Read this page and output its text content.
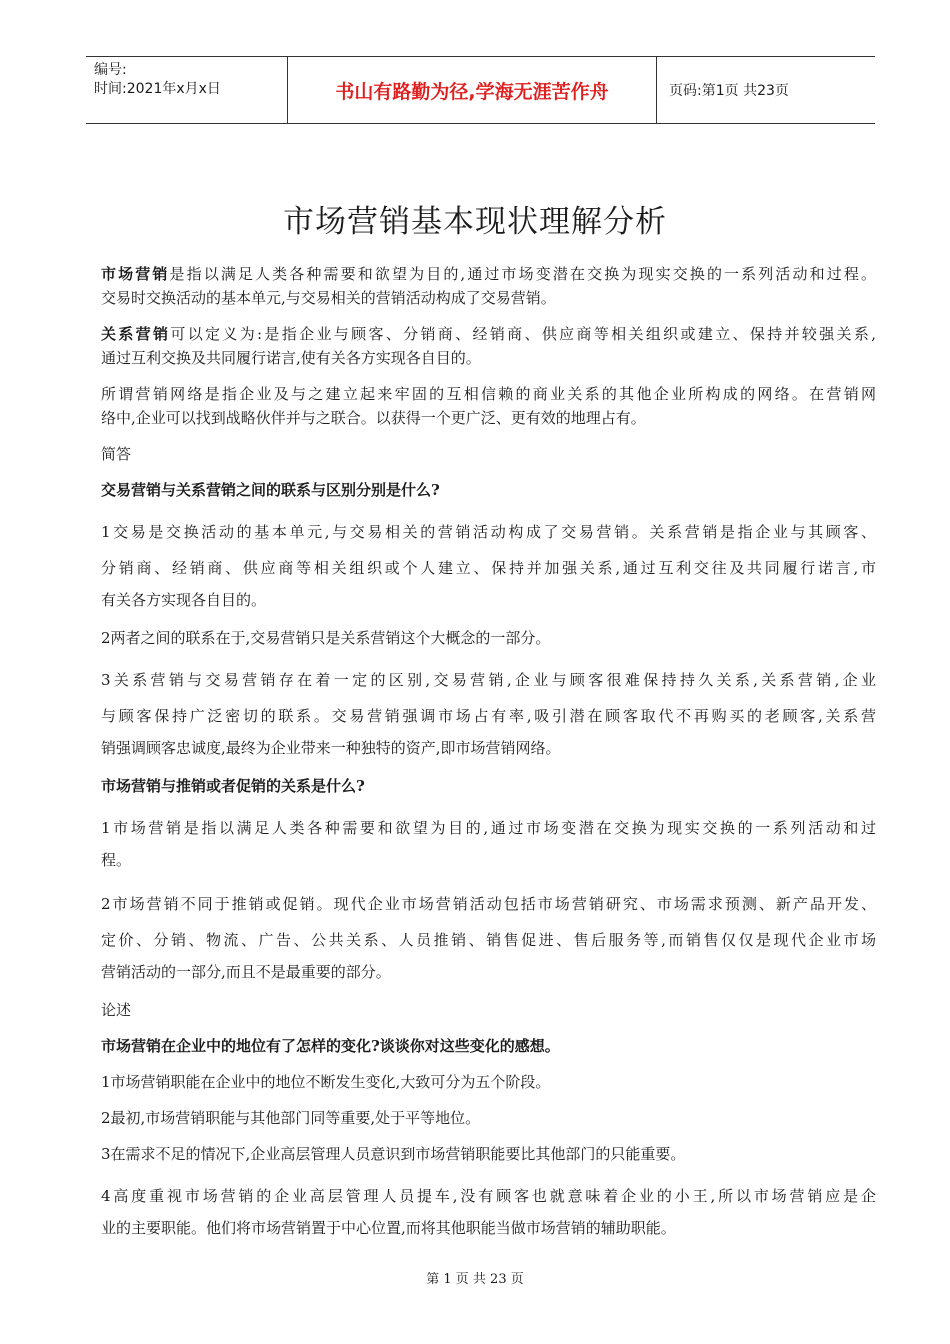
编号:
时间:2021年x月x日	书山有路勤为径,学海无涯苦作舟	页码:第1页 共23页
市场营销基本现状理解分析
市场营销是指以满足人类各种需要和欲望为目的,通过市场变潜在交换为现实交换的一系列活动和过程。
交易时交换活动的基本单元,与交易相关的营销活动构成了交易营销。
关系营销可以定义为:是指企业与顾客、分销商、经销商、供应商等相关组织或建立、保持并较强关系,
通过互利交换及共同履行诺言,使有关各方实现各自目的。
所谓营销网络是指企业及与之建立起来牢固的互相信赖的商业关系的其他企业所构成的网络。在营销网
络中,企业可以找到战略伙伴并与之联合。以获得一个更广泛、更有效的地理占有。
简答
交易营销与关系营销之间的联系与区别分别是什么?
1交易是交换活动的基本单元,与交易相关的营销活动构成了交易营销。关系营销是指企业与其顾客、
分销商、经销商、供应商等相关组织或个人建立、保持并加强关系,通过互利交往及共同履行诺言,市
有关各方实现各自目的。
2两者之间的联系在于,交易营销只是关系营销这个大概念的一部分。
3关系营销与交易营销存在着一定的区别,交易营销,企业与顾客很难保持持久关系,关系营销,企业
与顾客保持广泛密切的联系。交易营销强调市场占有率,吸引潜在顾客取代不再购买的老顾客,关系营
销强调顾客忠诚度,最终为企业带来一种独特的资产,即市场营销网络。
市场营销与推销或者促销的关系是什么?
1市场营销是指以满足人类各种需要和欲望为目的,通过市场变潜在交换为现实交换的一系列活动和过
程。
2市场营销不同于推销或促销。现代企业市场营销活动包括市场营销研究、市场需求预测、新产品开发、
定价、分销、物流、广告、公共关系、人员推销、销售促进、售后服务等,而销售仅仅是现代企业市场
营销活动的一部分,而且不是最重要的部分。
论述
市场营销在企业中的地位有了怎样的变化?谈谈你对这些变化的感想。
1市场营销职能在企业中的地位不断发生变化,大致可分为五个阶段。
2最初,市场营销职能与其他部门同等重要,处于平等地位。
3在需求不足的情况下,企业高层管理人员意识到市场营销职能要比其他部门的只能重要。
4高度重视市场营销的企业高层管理人员提车,没有顾客也就意味着企业的小王,所以市场营销应是企
业的主要职能。他们将市场营销置于中心位置,而将其他职能当做市场营销的辅助职能。
第 1 页 共 23 页
